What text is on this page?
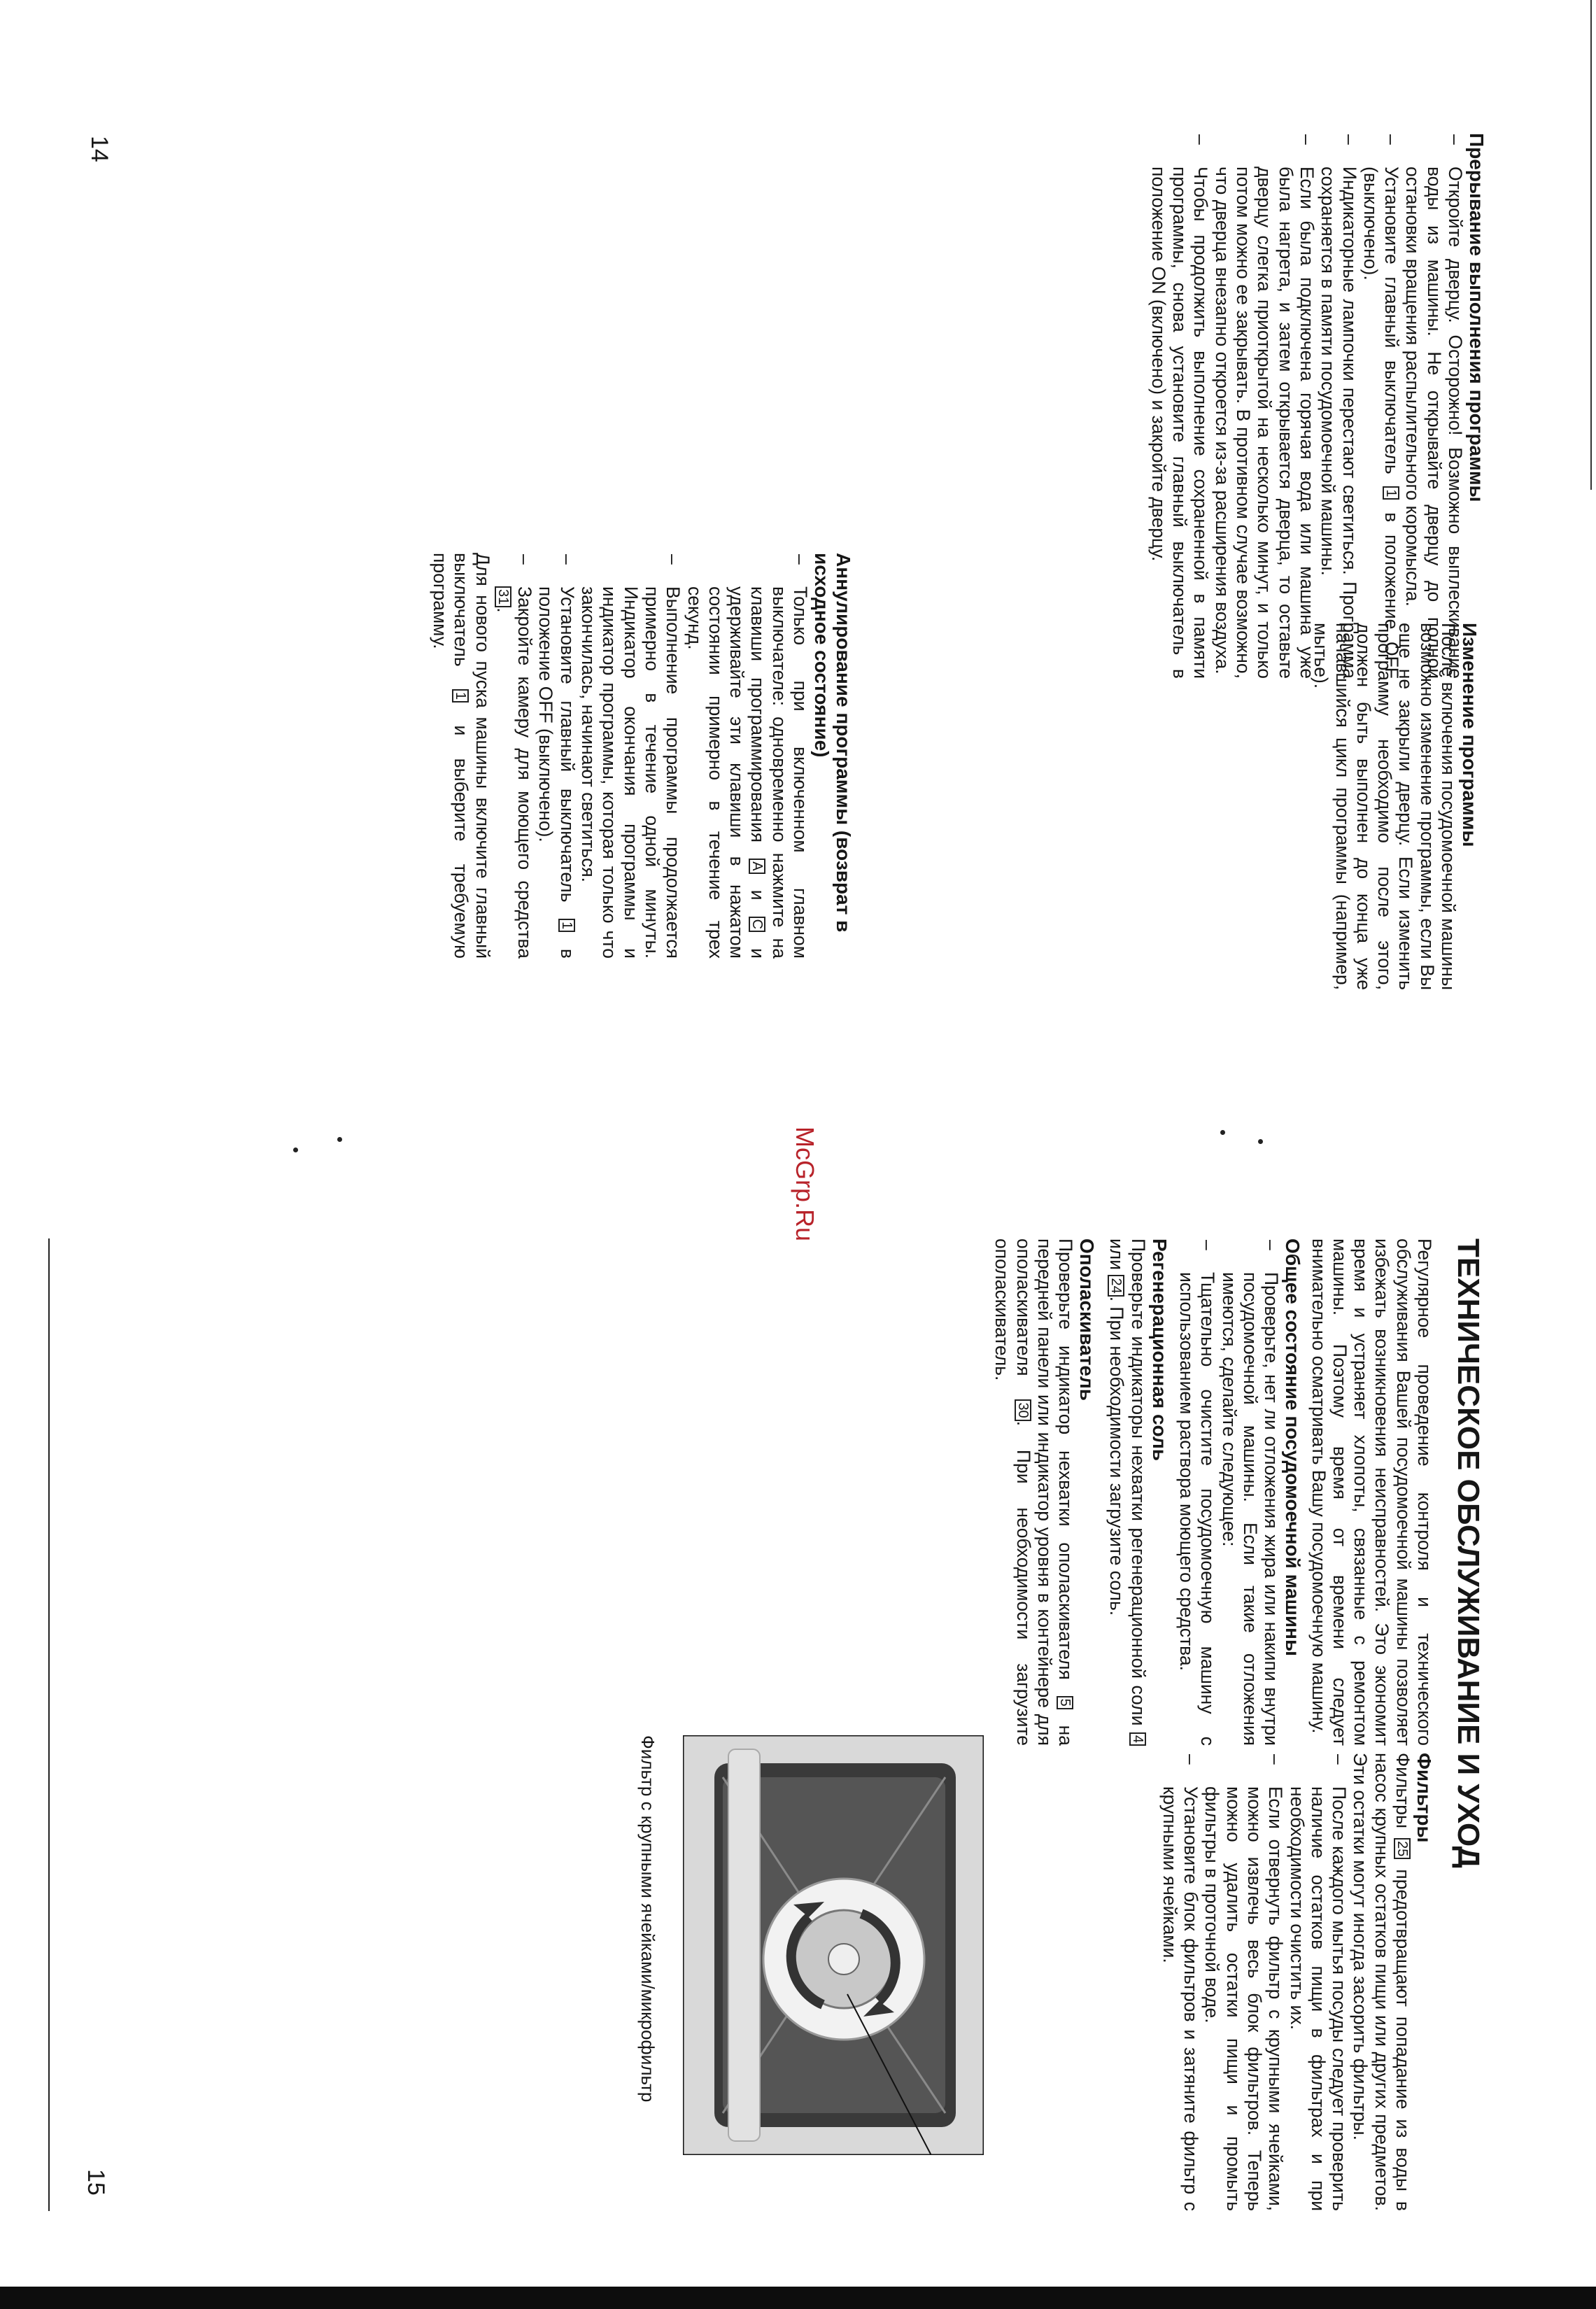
14	Прерывание выполнения программы
– Откройте дверцу. Осторожно! Возможно выплескивание воды из машины. Не открывайте дверцу до полной остановки вращения распылительного коромысла.
– Установите главный выключатель 1 в положение OFF (выключено).
– Индикаторные лампочки перестают светиться. Программа сохраняется в памяти посудомоечной машины.
– Если была подключена горячая вода или машина уже была нагрета, и затем открывается дверца, то оставьте дверцу слегка приоткрытой на несколько минут, и только потом можно ее закрывать. В противном случае возможно, что дверца внезапно откроется из-за расширения воздуха.
– Чтобы продолжить выполнение сохраненной в памяти программы, снова установите главный выключатель в положение ON (включено) и закройте дверцу.
Аннулирование программы (возврат в исходное состояние)
– Только при включенном главном выключателе: одновременно нажмите на клавиши программирования A и C и удерживайте эти клавиши в нажатом состоянии примерно в течение трех секунд.
– Выполнение программы продолжается примерно в течение одной минуты. Индикатор окончания программы и индикатор программы, которая только что закончилась, начинают светиться.
– Установите главный выключатель 1 в положение OFF (выключено).
– Закройте камеру для моющего средства 31.

Для нового пуска машины включите главный выключатель 1 и выберите требуемую программу.

Изменение программы

После включения посудомоечной машины возможно изменение программы, если Вы еще не закрыли дверцу. Если изменить программу необходимо после этого, должен быть выполнен до конца уже начавшийся цикл программы (например, мытье).

McGrp.Ru
ТЕХНИЧЕСКОЕ ОБСЛУЖИВАНИЕ И УХОД

Регулярное проведение контроля и технического обслуживания Вашей посудомоечной машины позволяет избежать возникновения неисправностей. Это экономит время и устраняет хлопоты, связанные с ремонтом машины. Поэтому время от времени следует внимательно осматривать Вашу посудомоечную машину.

Общее состояние посудомоечной машины
– Проверьте, нет ли отложения жира или накипи внутри посудомоечной машины. Если такие отложения имеются, сделайте следующее:
– Тщательно очистите посудомоечную машину с использованием раствора моющего средства.
Регенерационная соль

Проверьте индикаторы нехватки регенерационной соли 4 или 24. При необходимости загрузите соль.

Ополаскиватель

Проверьте индикатор нехватки ополаскивателя 5 на передней панели или индикатор уровня в контейнере для ополаскивателя 30. При необходимости загрузите ополаскиватель.

Фильтры

Фильтры 25 предотвращают попадание из воды в насос крупных остатков пищи или других предметов. Эти остатки могут иногда засорить фильтры.

– После каждого мытья посуды следует проверить наличие остатков пищи в фильтрах и при необходимости очистить их.
– Если отвернуть фильтр с крупными ячейками, можно извлечь весь блок фильтров. Теперь можно удалить остатки пищи и промыть фильтры в проточной воде.
– Установите блок фильтров и затяните фильтр с крупными ячейками.
Фильтр с крупными ячейками/микрофильтр
15
